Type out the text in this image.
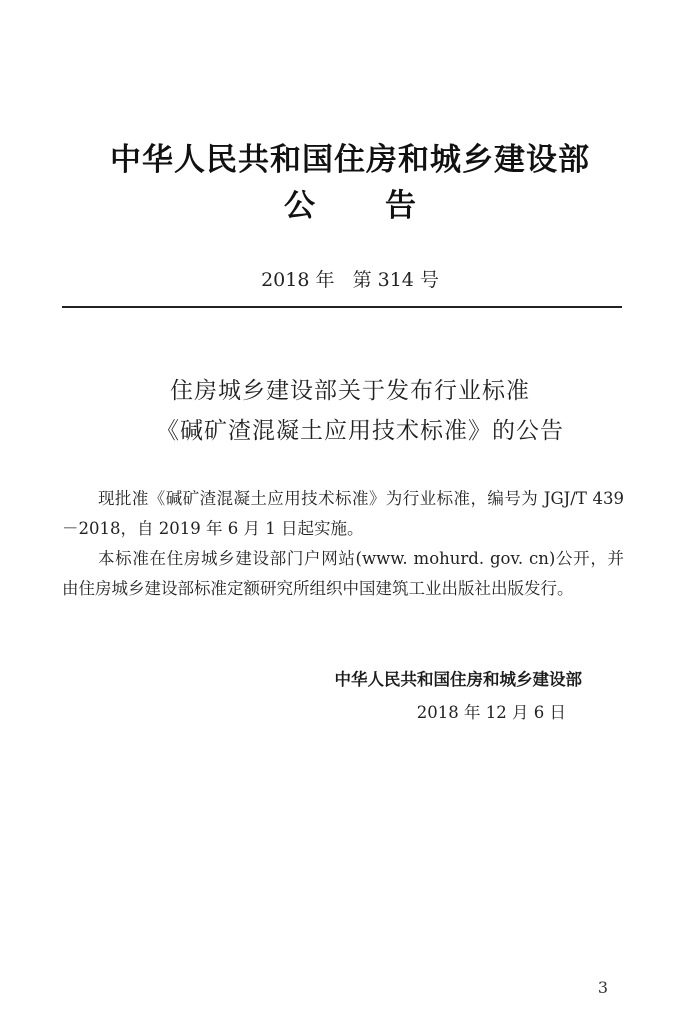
中华人民共和国住房和城乡建设部
公告
2018 年   第 314 号
住房城乡建设部关于发布行业标准
《碱矿渣混凝土应用技术标准》的公告

现批准《碱矿渣混凝土应用技术标准》为行业标准，编号为 JGJ/T 439－2018，自 2019 年 6 月 1 日起实施。

本标准在住房城乡建设部门户网站(www. mohurd. gov. cn)公开，并由住房城乡建设部标准定额研究所组织中国建筑工业出版社出版发行。

中华人民共和国住房和城乡建设部
2018 年 12 月 6 日
3
